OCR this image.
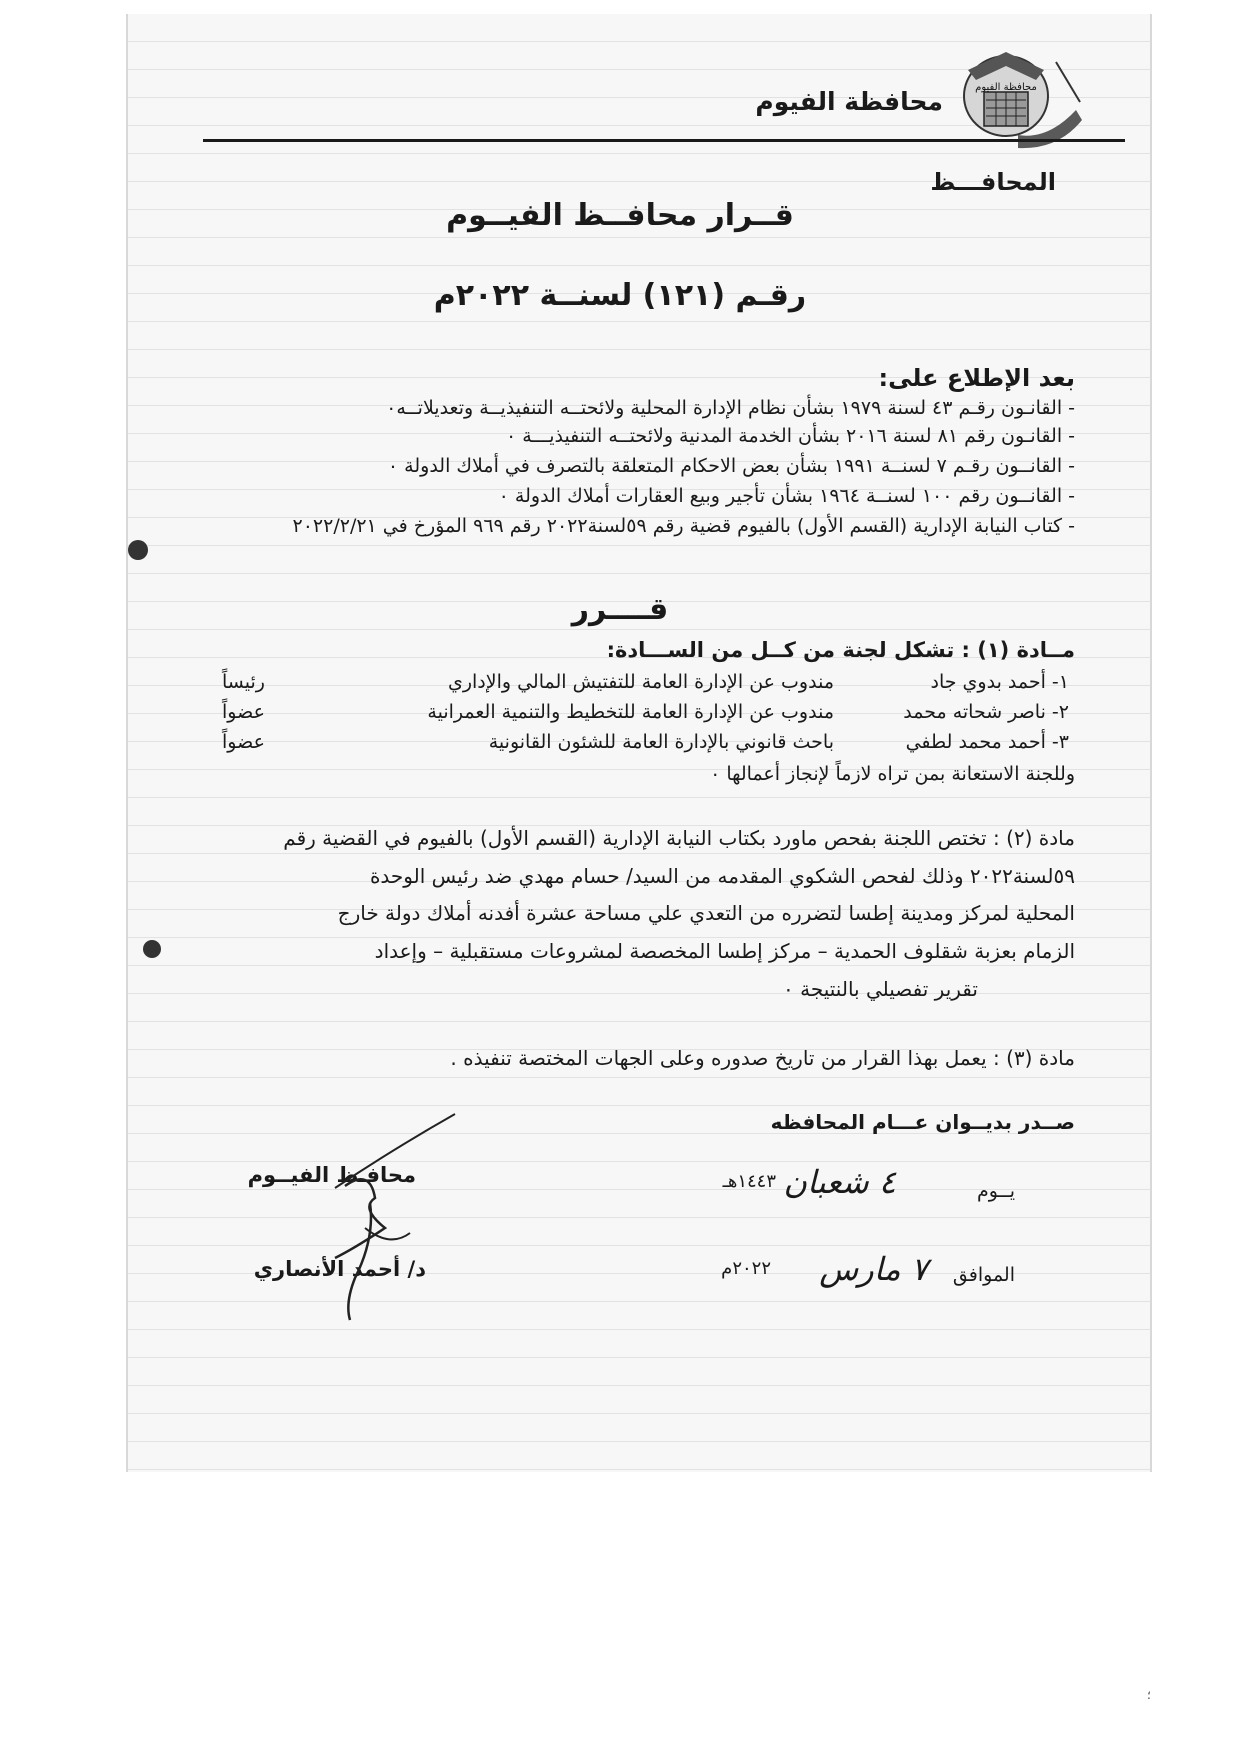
محافظة الفيوم
محافظة الفيوم
المحافـــظ
قــرار محافــظ الفيــوم
رقـم (١٢١) لسنــة ٢٠٢٢م
بعد الإطلاع على:
- القانـون رقـم ٤٣ لسنة ١٩٧٩ بشأن نظام الإدارة المحلية ولائحتــه التنفيذيــة وتعديلاتــه٠
- القانـون رقم ٨١ لسنة ٢٠١٦ بشأن الخدمة المدنية ولائحتــه التنفيذيـــة ٠
- القانــون رقـم ٧ لسنــة ١٩٩١ بشأن بعض الاحكام المتعلقة بالتصرف في أملاك الدولة ٠
- القانــون رقم ١٠٠ لسنــة ١٩٦٤ بشأن تأجير وبيع العقارات أملاك الدولة ٠
- كتاب النيابة الإدارية (القسم الأول) بالفيوم قضية رقم ٥٩لسنة٢٠٢٢ رقم ٩٦٩ المؤرخ في ٢٠٢٢/٢/٢١
قــــرر
مــادة (١) : تشكل لجنة من كــل من الســـادة:
١- أحمد بدوي جاد
مندوب عن الإدارة العامة للتفتيش المالي والإداري
رئيساً
٢- ناصر شحاته محمد
مندوب عن الإدارة العامة للتخطيط والتنمية العمرانية
عضواً
٣- أحمد محمد لطفي
باحث قانوني بالإدارة العامة للشئون القانونية
عضواً
وللجنة الاستعانة بمن تراه لازماً لإنجاز أعمالها ٠
مادة (٢) : تختص اللجنة بفحص ماورد بكتاب النيابة الإدارية (القسم الأول) بالفيوم في القضية رقم
٥٩لسنة٢٠٢٢ وذلك لفحص الشكوي المقدمه من السيد/ حسام مهدي ضد رئيس الوحدة
المحلية لمركز ومدينة إطسا لتضرره من التعدي علي مساحة عشرة أفدنه أملاك دولة خارج
الزمام بعزبة شقلوف الحمدية – مركز إطسا المخصصة لمشروعات مستقبلية – وإعداد
تقرير تفصيلي بالنتيجة ٠
مادة (٣) : يعمل بهذا القرار من تاريخ صدوره وعلى الجهات المختصة تنفيذه .
صــدر بديــوان عـــام المحافظه
يــوم
٤ شعبان
١٤٤٣هـ
الموافق
٧ مارس
٢٠٢٢م
محافـظ الفيــوم
د/ أحمد الأنصاري
؛
